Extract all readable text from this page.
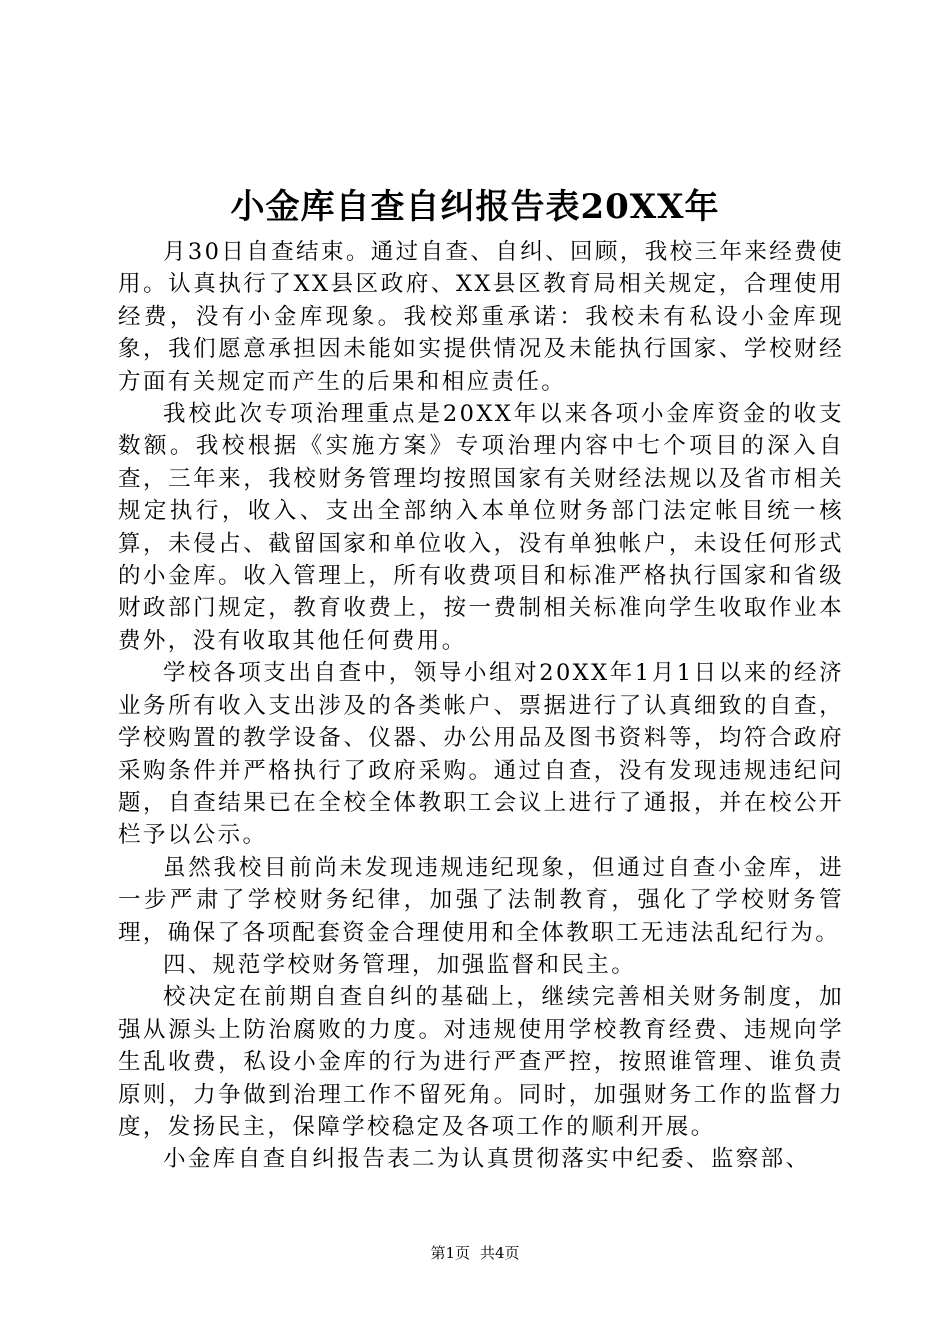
小金库自查自纠报告表20XX年

月30日自查结束。通过自查、自纠、回顾，我校三年来经费使用。认真执行了XX县区政府、XX县区教育局相关规定，合理使用经费，没有小金库现象。我校郑重承诺：我校未有私设小金库现象，我们愿意承担因未能如实提供情况及未能执行国家、学校财经方面有关规定而产生的后果和相应责任。

我校此次专项治理重点是20XX年以来各项小金库资金的收支数额。我校根据《实施方案》专项治理内容中七个项目的深入自查，三年来，我校财务管理均按照国家有关财经法规以及省市相关规定执行，收入、支出全部纳入本单位财务部门法定帐目统一核算，未侵占、截留国家和单位收入，没有单独帐户，未设任何形式的小金库。收入管理上，所有收费项目和标准严格执行国家和省级财政部门规定，教育收费上，按一费制相关标准向学生收取作业本费外，没有收取其他任何费用。

学校各项支出自查中，领导小组对20XX年1月1日以来的经济业务所有收入支出涉及的各类帐户、票据进行了认真细致的自查，学校购置的教学设备、仪器、办公用品及图书资料等，均符合政府采购条件并严格执行了政府采购。通过自查，没有发现违规违纪问题，自查结果已在全校全体教职工会议上进行了通报，并在校公开栏予以公示。

虽然我校目前尚未发现违规违纪现象，但通过自查小金库，进一步严肃了学校财务纪律，加强了法制教育，强化了学校财务管理，确保了各项配套资金合理使用和全体教职工无违法乱纪行为。

四、规范学校财务管理，加强监督和民主。

校决定在前期自查自纠的基础上，继续完善相关财务制度，加强从源头上防治腐败的力度。对违规使用学校教育经费、违规向学生乱收费，私设小金库的行为进行严查严控，按照谁管理、谁负责原则，力争做到治理工作不留死角。同时，加强财务工作的监督力度，发扬民主，保障学校稳定及各项工作的顺利开展。

小金库自查自纠报告表二为认真贯彻落实中纪委、监察部、

第1页 共4页
